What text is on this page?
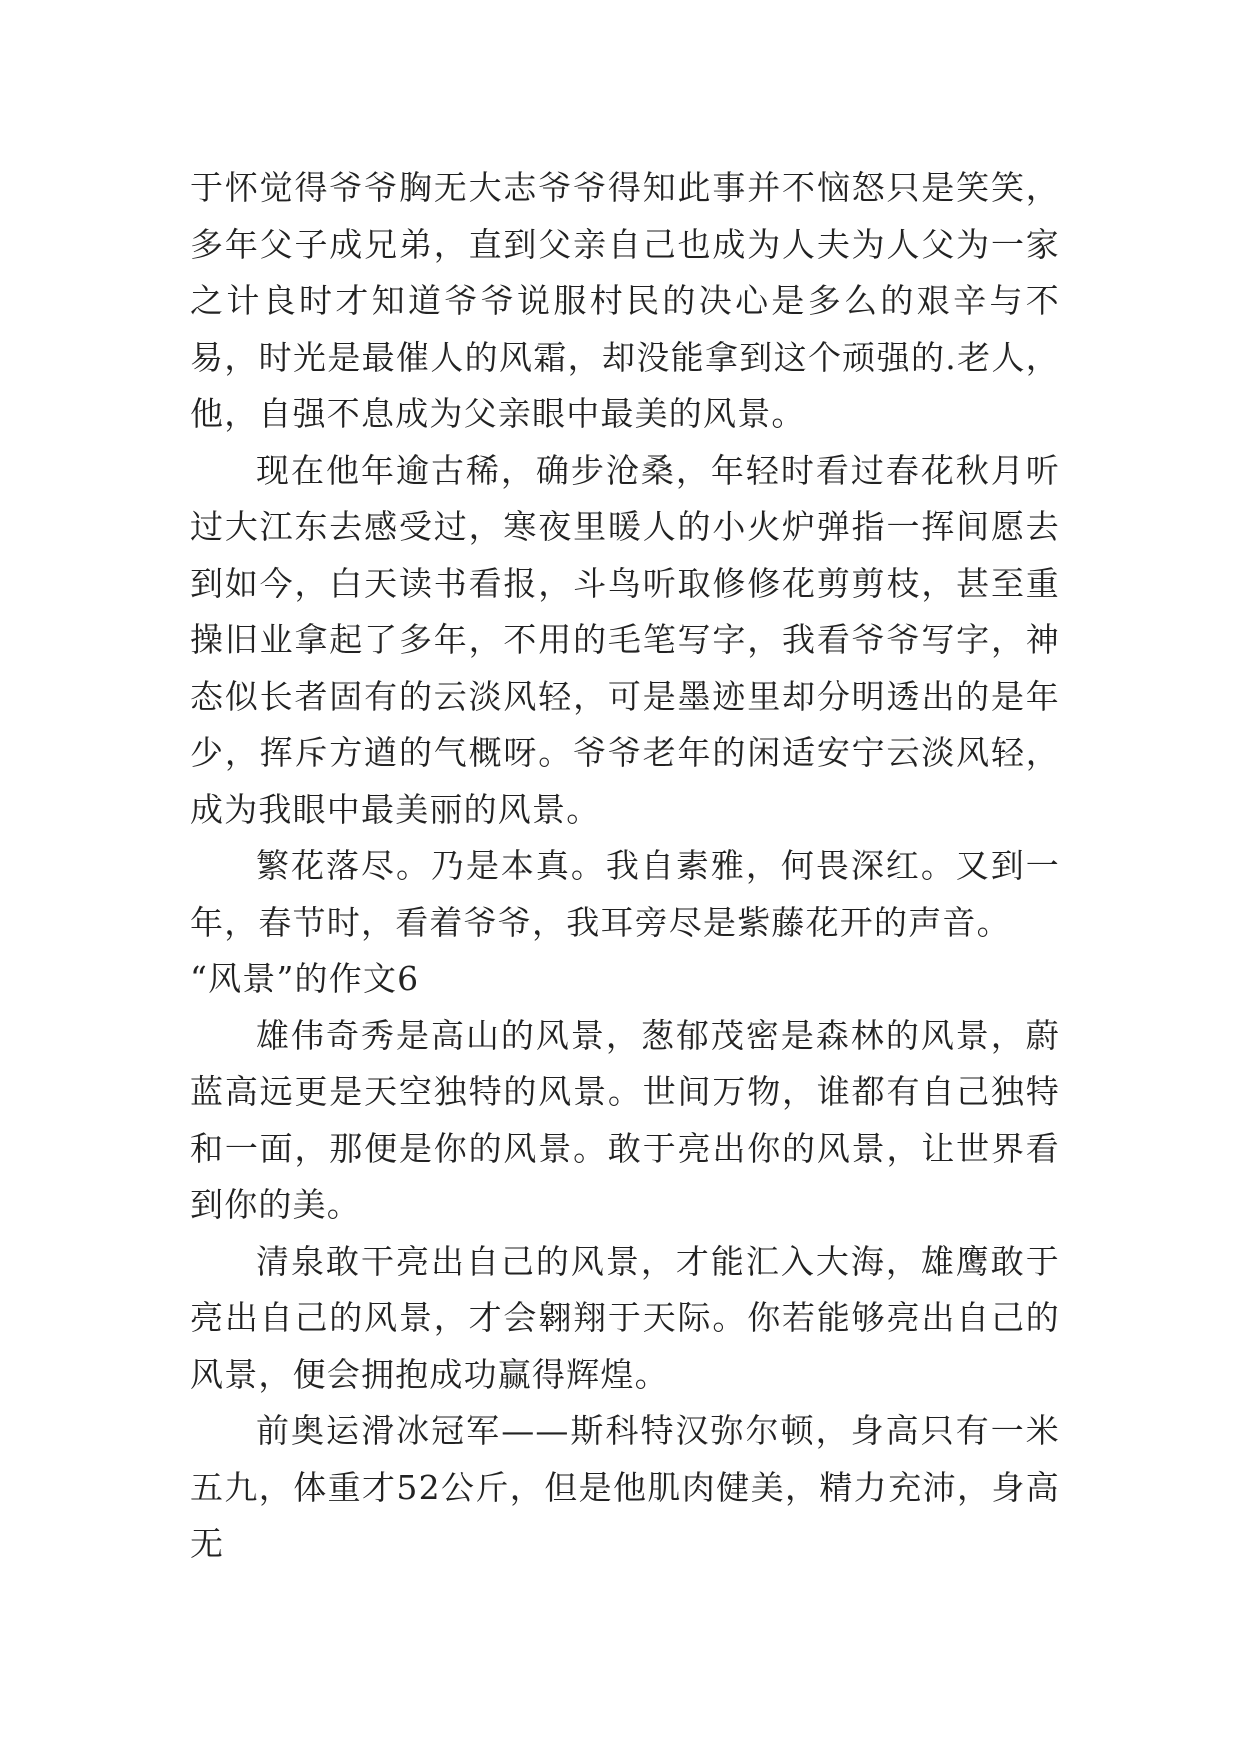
于怀觉得爷爷胸无大志爷爷得知此事并不恼怒只是笑笑，多年父子成兄弟，直到父亲自己也成为人夫为人父为一家之计良时才知道爷爷说服村民的决心是多么的艰辛与不易，时光是最催人的风霜，却没能拿到这个顽强的.老人，他，自强不息成为父亲眼中最美的风景。

现在他年逾古稀，确步沧桑，年轻时看过春花秋月听过大江东去感受过，寒夜里暖人的小火炉弹指一挥间愿去到如今，白天读书看报，斗鸟听取修修花剪剪枝，甚至重操旧业拿起了多年，不用的毛笔写字，我看爷爷写字，神态似长者固有的云淡风轻，可是墨迹里却分明透出的是年少，挥斥方遒的气概呀。爷爷老年的闲适安宁云淡风轻，成为我眼中最美丽的风景。

繁花落尽。乃是本真。我自素雅，何畏深红。又到一年，春节时，看着爷爷，我耳旁尽是紫藤花开的声音。

“风景”的作文6

雄伟奇秀是高山的风景，葱郁茂密是森林的风景，蔚蓝高远更是天空独特的风景。世间万物，谁都有自己独特和一面，那便是你的风景。敢于亮出你的风景，让世界看到你的美。

清泉敢干亮出自己的风景，才能汇入大海，雄鹰敢于亮出自己的风景，才会翱翔于天际。你若能够亮出自己的风景，便会拥抱成功赢得辉煌。

前奥运滑冰冠军——斯科特汉弥尔顿，身高只有一米五九，体重才52公斤，但是他肌肉健美，精力充沛，身高无
